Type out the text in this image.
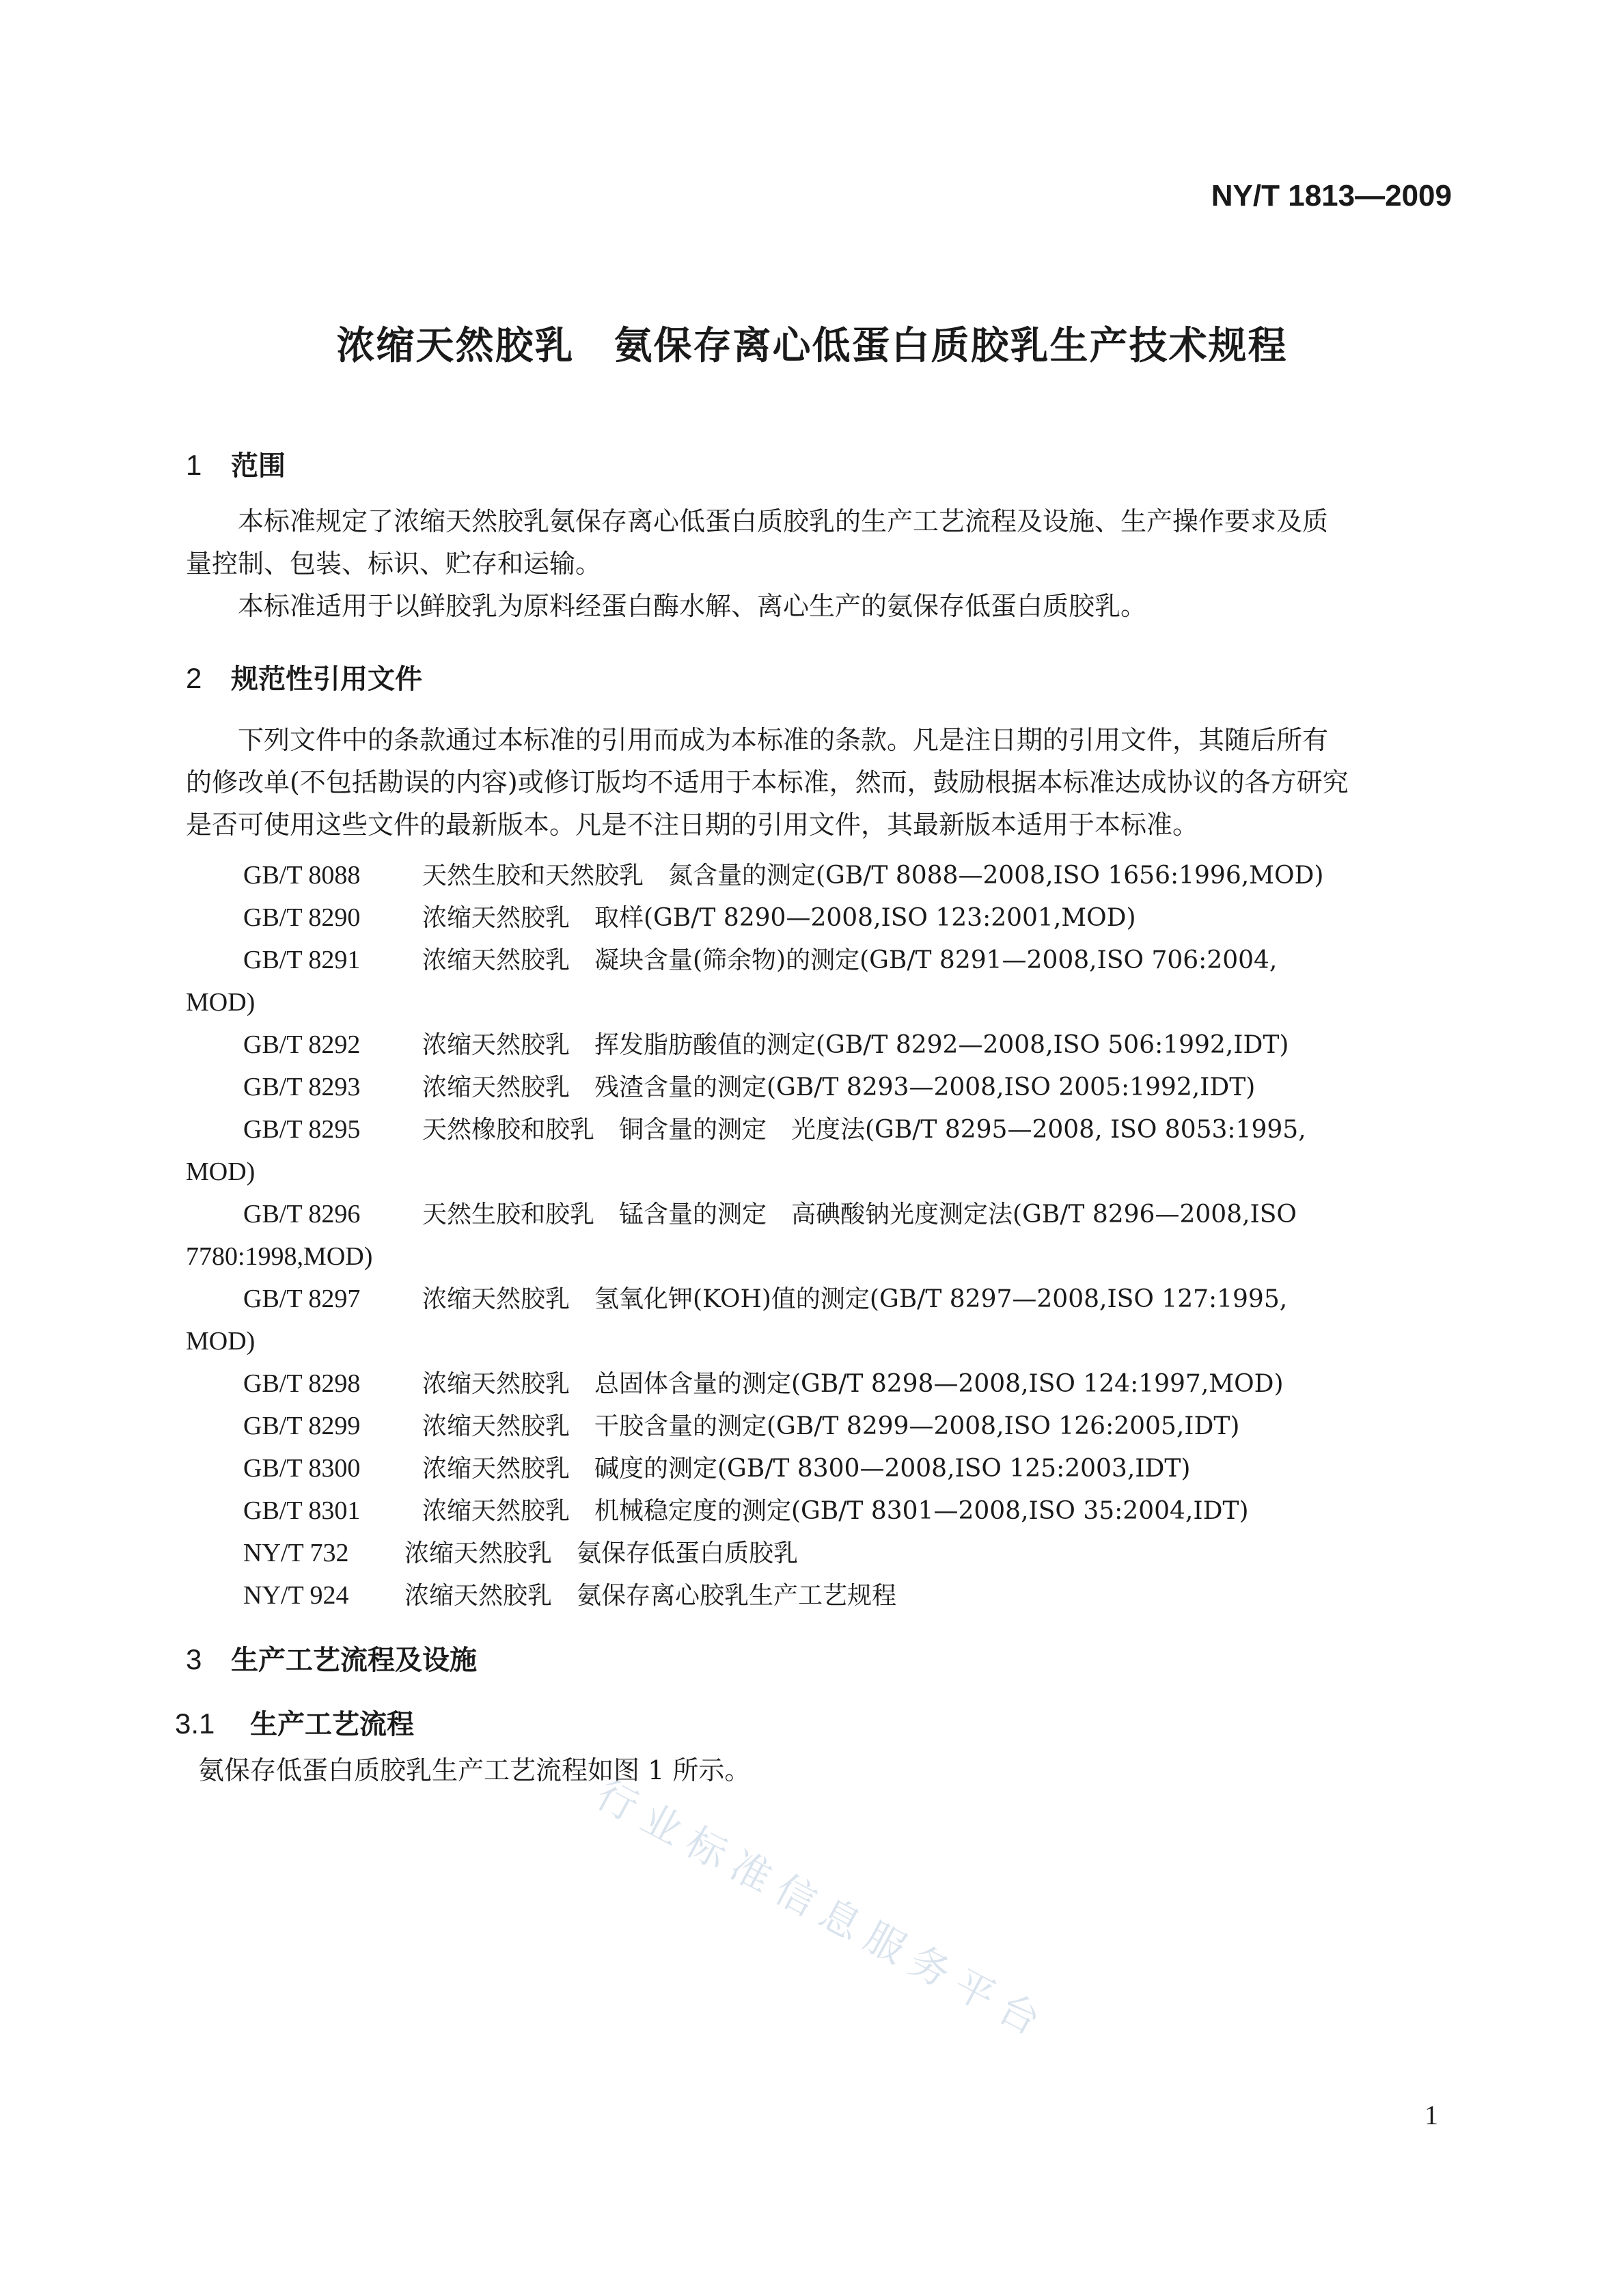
NY/T 1813—2009
浓缩天然胶乳　氨保存离心低蛋白质胶乳生产技术规程
1 范围
本标准规定了浓缩天然胶乳氨保存离心低蛋白质胶乳的生产工艺流程及设施、生产操作要求及质
量控制、包装、标识、贮存和运输。
本标准适用于以鲜胶乳为原料经蛋白酶水解、离心生产的氨保存低蛋白质胶乳。
2 规范性引用文件
下列文件中的条款通过本标准的引用而成为本标准的条款。凡是注日期的引用文件，其随后所有
的修改单(不包括勘误的内容)或修订版均不适用于本标准，然而，鼓励根据本标准达成协议的各方研究
是否可使用这些文件的最新版本。凡是不注日期的引用文件，其最新版本适用于本标准。
GB/T 8088	天然生胶和天然胶乳　氮含量的测定(GB/T 8088—2008,ISO 1656:1996,MOD)
GB/T 8290	浓缩天然胶乳　取样(GB/T 8290—2008,ISO 123:2001,MOD)
GB/T 8291	浓缩天然胶乳　凝块含量(筛余物)的测定(GB/T 8291—2008,ISO 706:2004,
MOD)
GB/T 8292	浓缩天然胶乳　挥发脂肪酸值的测定(GB/T 8292—2008,ISO 506:1992,IDT)
GB/T 8293	浓缩天然胶乳　残渣含量的测定(GB/T 8293—2008,ISO 2005:1992,IDT)
GB/T 8295	天然橡胶和胶乳　铜含量的测定　光度法(GB/T 8295—2008, ISO 8053:1995,
MOD)
GB/T 8296	天然生胶和胶乳　锰含量的测定　高碘酸钠光度测定法(GB/T 8296—2008,ISO
7780:1998,MOD)
GB/T 8297	浓缩天然胶乳　氢氧化钾(KOH)值的测定(GB/T 8297—2008,ISO 127:1995,
MOD)
GB/T 8298	浓缩天然胶乳　总固体含量的测定(GB/T 8298—2008,ISO 124:1997,MOD)
GB/T 8299	浓缩天然胶乳　干胶含量的测定(GB/T 8299—2008,ISO 126:2005,IDT)
GB/T 8300	浓缩天然胶乳　碱度的测定(GB/T 8300—2008,ISO 125:2003,IDT)
GB/T 8301	浓缩天然胶乳　机械稳定度的测定(GB/T 8301—2008,ISO 35:2004,IDT)
NY/T 732 浓缩天然胶乳　氨保存低蛋白质胶乳
NY/T 924 浓缩天然胶乳　氨保存离心胶乳生产工艺规程
3 生产工艺流程及设施
3.1 生产工艺流程
氨保存低蛋白质胶乳生产工艺流程如图 1 所示。
行业标准信息服务平台
1
